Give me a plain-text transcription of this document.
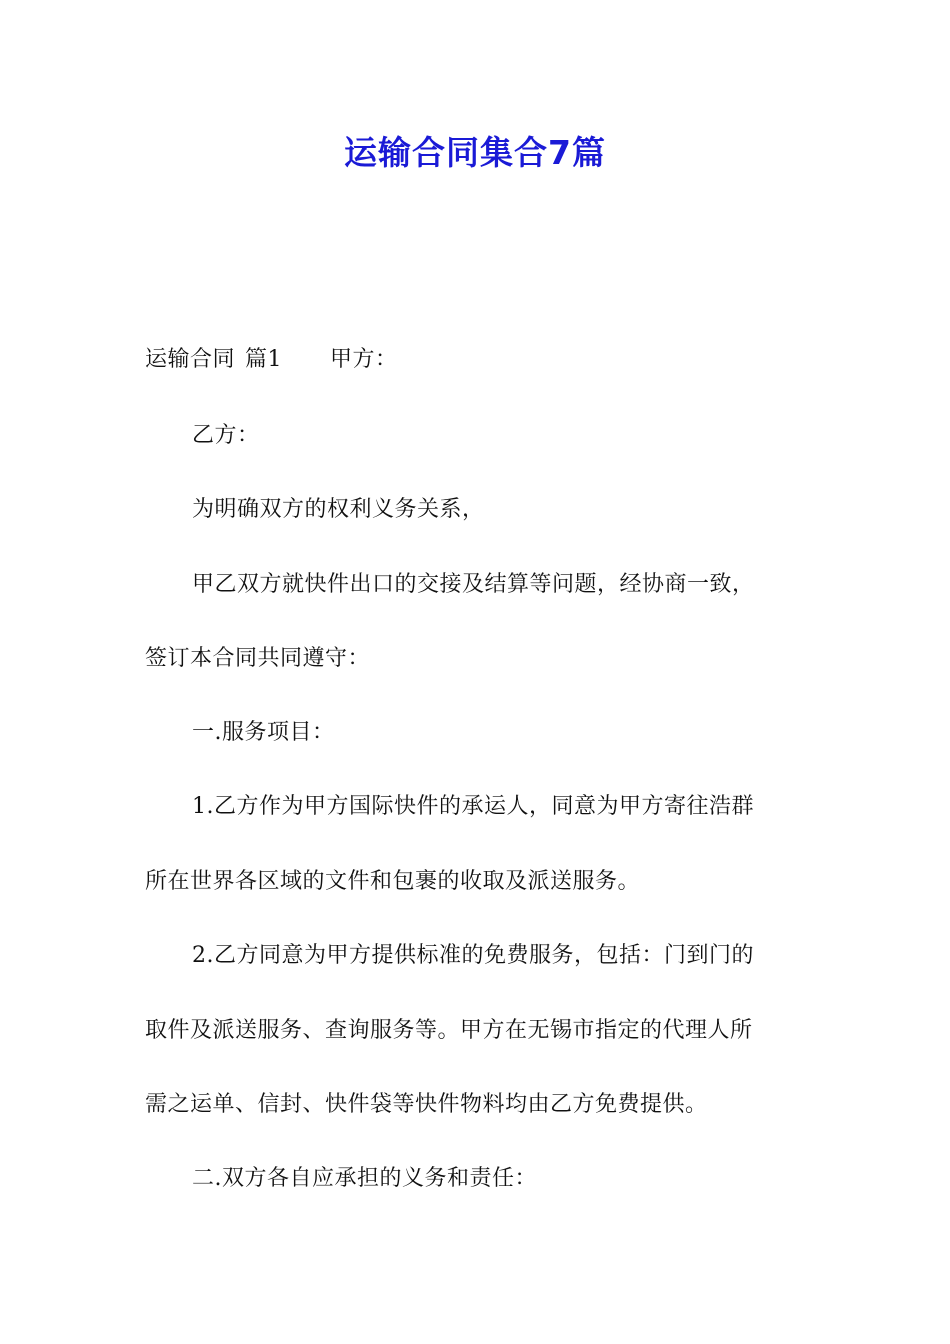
运输合同集合7篇
运输合同 篇1 甲方：
乙方：
为明确双方的权利义务关系，
甲乙双方就快件出口的交接及结算等问题，经协商一致，
签订本合同共同遵守：
一.服务项目：
1.乙方作为甲方国际快件的承运人，同意为甲方寄往浩群
所在世界各区域的文件和包裹的收取及派送服务。
2.乙方同意为甲方提供标准的免费服务，包括：门到门的
取件及派送服务、查询服务等。甲方在无锡市指定的代理人所
需之运单、信封、快件袋等快件物料均由乙方免费提供。
二.双方各自应承担的义务和责任：
